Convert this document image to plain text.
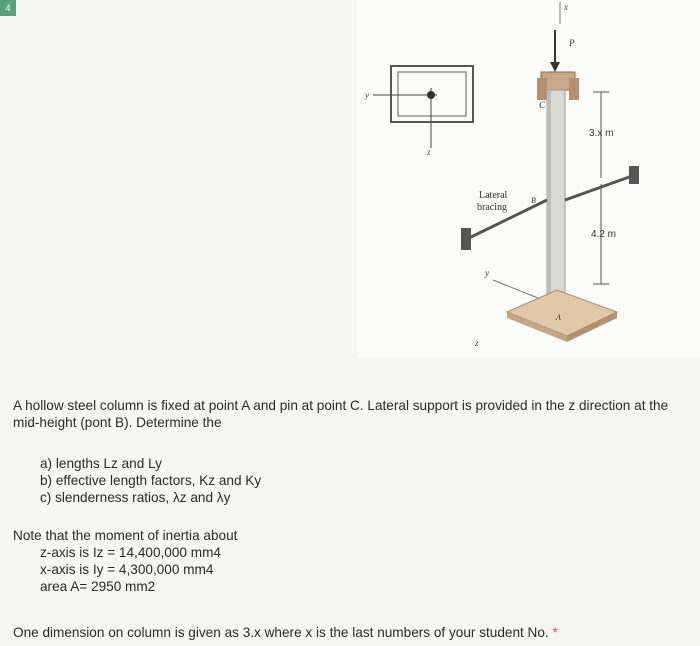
4
y
z
x
P
C
3.x m
4.2 m
B
Lateral
bracing
y
A
z
A hollow steel column is fixed at point A and pin at point C. Lateral support is provided in the z direction at the mid-height (pont B). Determine the
a) lengths Lz and Ly
b) effective length factors, Kz and Ky
c) slenderness ratios, λz and λy
Note that the moment of inertia about
z-axis is Iz = 14,400,000 mm4
x-axis is Iy = 4,300,000 mm4
area A= 2950 mm2
One dimension on column is given as 3.x where x is the last numbers of your student No. *
